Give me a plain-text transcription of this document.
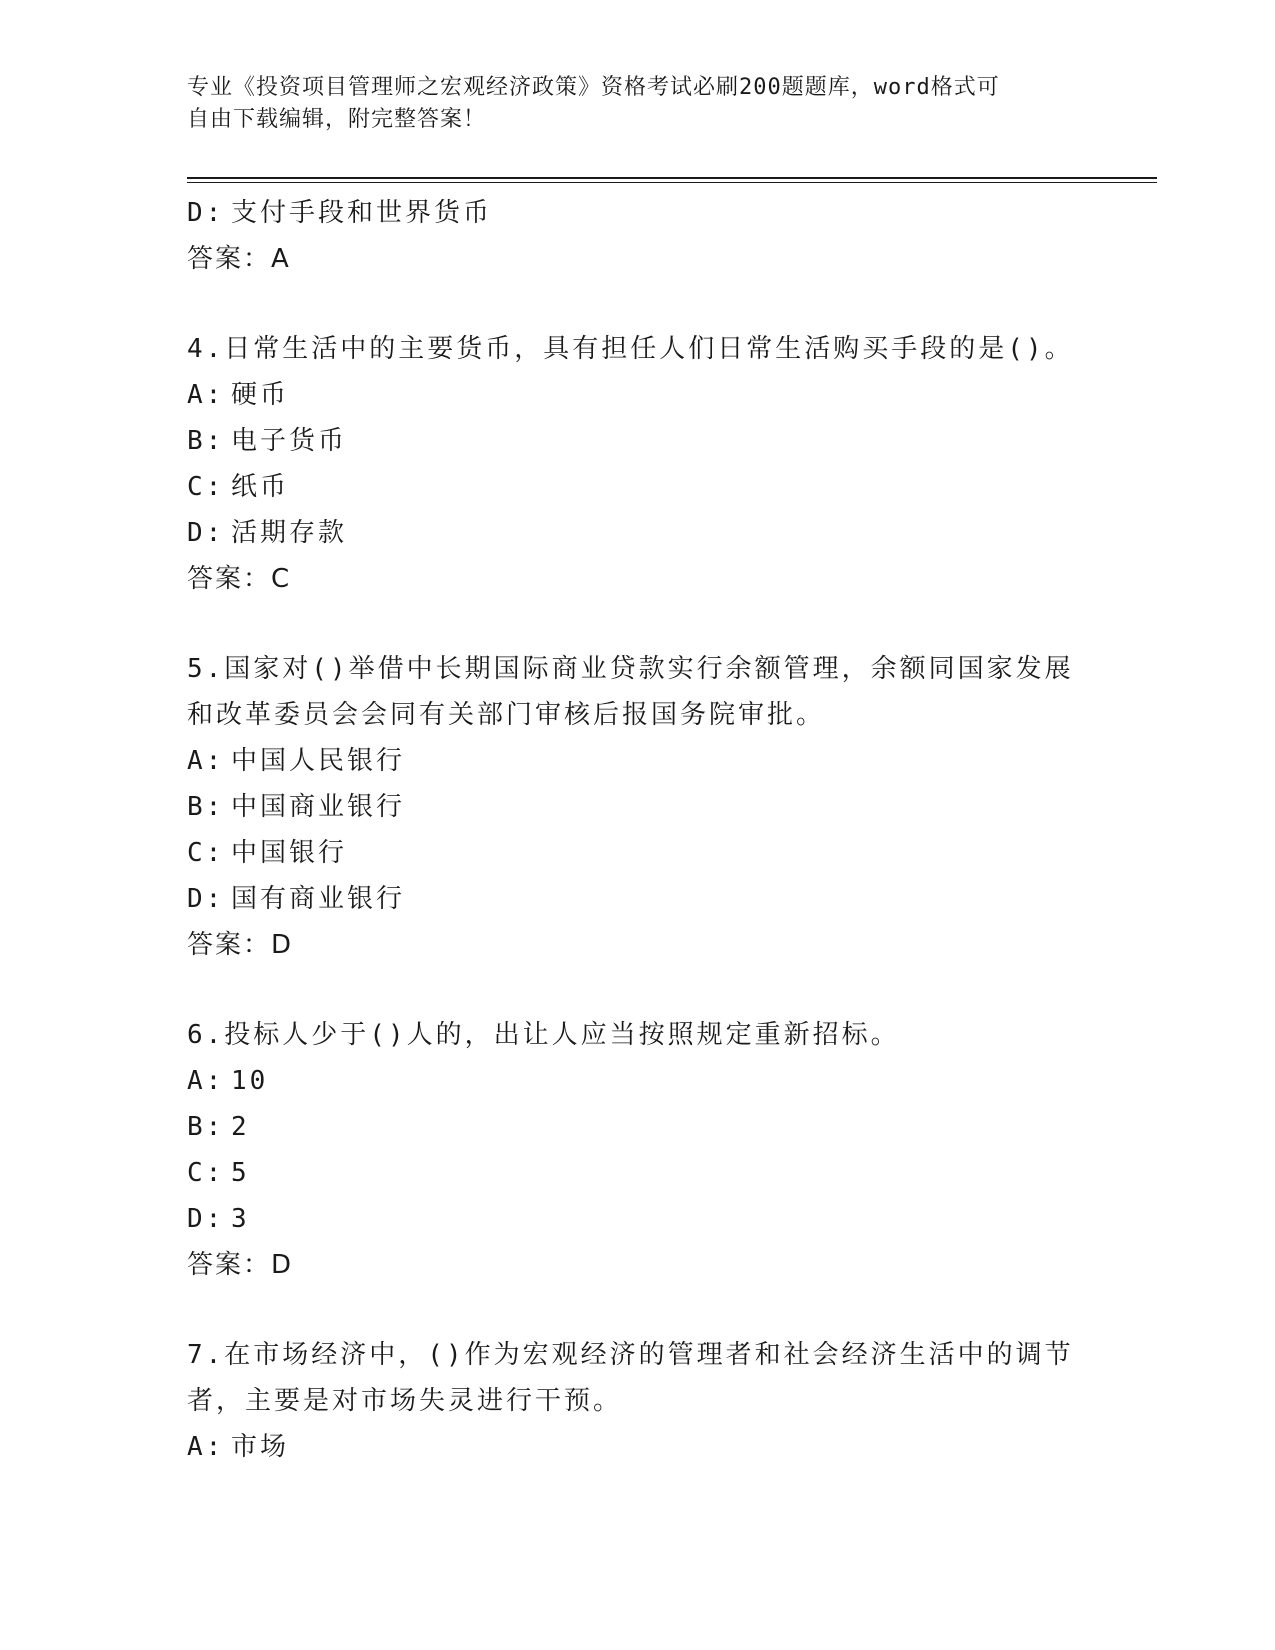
专业《投资项目管理师之宏观经济政策》资格考试必刷200题题库，word格式可
自由下载编辑，附完整答案！
D: 支付手段和世界货币
答案：A
4.日常生活中的主要货币，具有担任人们日常生活购买手段的是()。
A: 硬币
B: 电子货币
C: 纸币
D: 活期存款
答案：C
5.国家对()举借中长期国际商业贷款实行余额管理，余额同国家发展
和改革委员会会同有关部门审核后报国务院审批。
A: 中国人民银行
B: 中国商业银行
C: 中国银行
D: 国有商业银行
答案：D
6.投标人少于()人的，出让人应当按照规定重新招标。
A: 10
B: 2
C: 5
D: 3
答案：D
7.在市场经济中，()作为宏观经济的管理者和社会经济生活中的调节
者，主要是对市场失灵进行干预。
A: 市场
